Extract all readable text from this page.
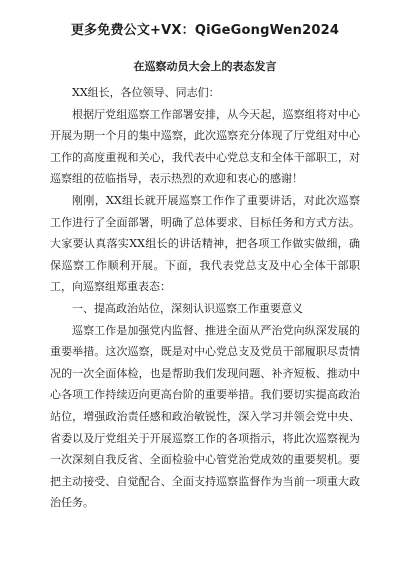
更多免费公文+VX：QiGeGongWen2024
在巡察动员大会上的表态发言

XX组长，各位领导、同志们：

根据厅党组巡察工作部署安排，从今天起，巡察组将对中心开展为期一个月的集中巡察，此次巡察充分体现了厅党组对中心工作的高度重视和关心，我代表中心党总支和全体干部职工，对巡察组的莅临指导，表示热烈的欢迎和衷心的感谢！

刚刚，XX组长就开展巡察工作作了重要讲话，对此次巡察工作进行了全面部署，明确了总体要求、目标任务和方式方法。大家要认真落实XX组长的讲话精神，把各项工作做实做细，确保巡察工作顺利开展。下面，我代表党总支及中心全体干部职工，向巡察组郑重表态：

一、提高政治站位，深刻认识巡察工作重要意义

巡察工作是加强党内监督、推进全面从严治党向纵深发展的重要举措。这次巡察，既是对中心党总支及党员干部履职尽责情况的一次全面体检，也是帮助我们发现问题、补齐短板、推动中心各项工作持续迈向更高台阶的重要举措。我们要切实提高政治站位，增强政治责任感和政治敏锐性，深入学习并领会党中央、省委以及厅党组关于开展巡察工作的各项指示，将此次巡察视为一次深刻自我反省、全面检验中心管党治党成效的重要契机。要把主动接受、自觉配合、全面支持巡察监督作为当前一项重大政治任务。
